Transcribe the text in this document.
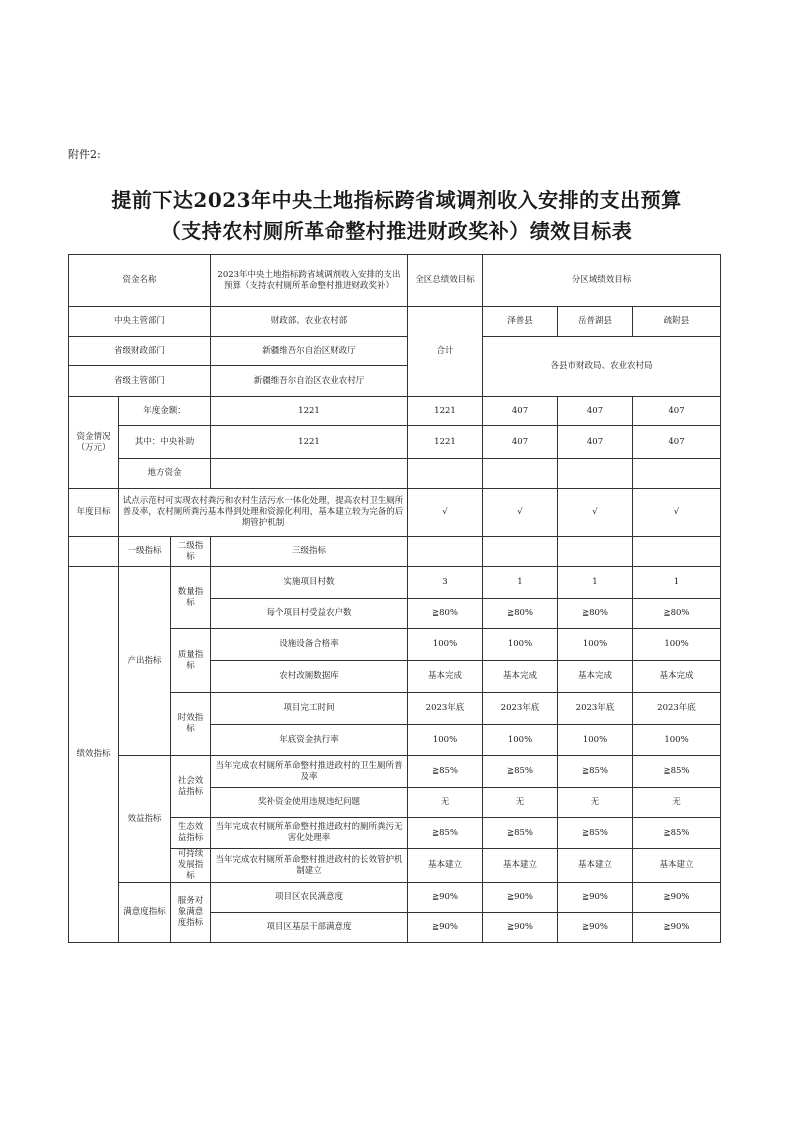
附件2:
提前下达2023年中央土地指标跨省域调剂收入安排的支出预算
（支持农村厕所革命整村推进财政奖补）绩效目标表
资金名称			2023年中央土地指标跨省域调剂收入安排的支出预算（支持农村厕所革命整村推进财政奖补）	全区总绩效目标	分区域绩效目标		
中央主管部门			财政部、农业农村部	合计	泽普县	岳普湖县	疏附县
省级财政部门			新疆维吾尔自治区财政厅		各县市财政局、农业农村局		
省级主管部门			新疆维吾尔自治区农业农村厅				
资金情况（万元）	年度金额：		1221	1221	407	407	407
	其中：中央补助		1221	1221	407	407	407
	地方资金						
年度目标	试点示范村可实现农村粪污和农村生活污水一体化处理，提高农村卫生厕所普及率，农村厕所粪污基本得到处理和资源化利用，基本建立较为完备的后期管护机制			√	√	√	√
	一级指标	二级指标	三级指标				
绩效指标	产出指标	数量指标	实施项目村数	3	1	1	1
			每个项目村受益农户数	≧80%	≧80%	≧80%	≧80%
		质量指标	设施设备合格率	100%	100%	100%	100%
			农村改厕数据库	基本完成	基本完成	基本完成	基本完成
		时效指标	项目完工时间	2023年底	2023年底	2023年底	2023年底
			年底资金执行率	100%	100%	100%	100%
	效益指标	社会效益指标	当年完成农村厕所革命整村推进政村的卫生厕所普及率	≧85%	≧85%	≧85%	≧85%
			奖补资金使用违规违纪问题	无	无	无	无
		生态效益指标	当年完成农村厕所革命整村推进政村的厕所粪污无害化处理率	≧85%	≧85%	≧85%	≧85%
		可持续发展指标	当年完成农村厕所革命整村推进政村的长效管护机制建立	基本建立	基本建立	基本建立	基本建立
	满意度指标	服务对象满意度指标	项目区农民满意度	≧90%	≧90%	≧90%	≧90%
			项目区基层干部满意度	≧90%	≧90%	≧90%	≧90%
